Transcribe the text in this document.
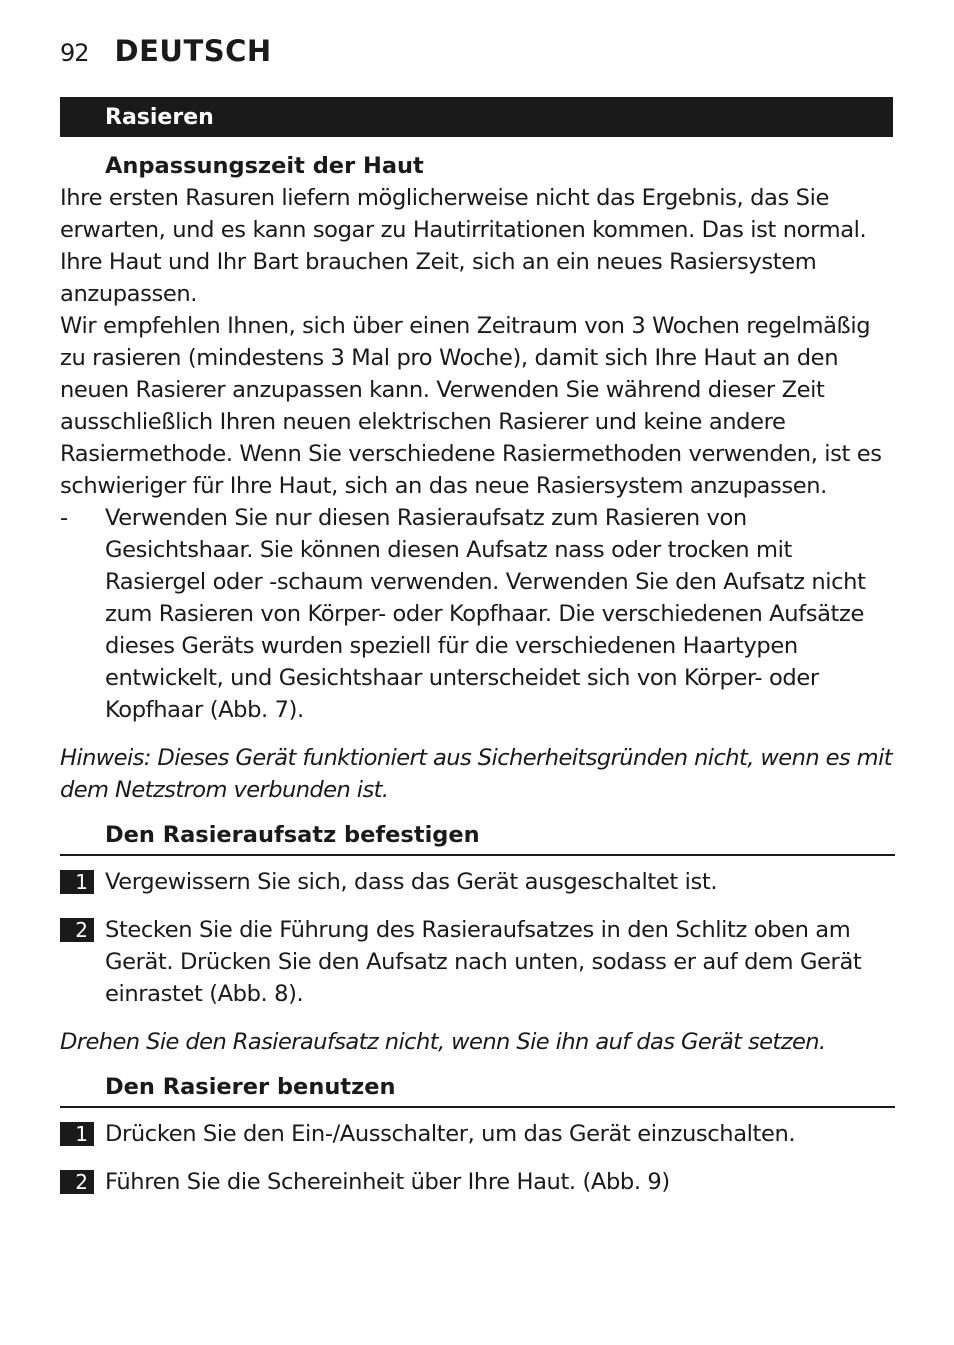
92 DEUTSCH
Rasieren

Anpassungszeit der Haut

Ihre ersten Rasuren liefern möglicherweise nicht das Ergebnis, das Sie erwarten, und es kann sogar zu Hautirritationen kommen. Das ist normal. Ihre Haut und Ihr Bart brauchen Zeit, sich an ein neues Rasiersystem anzupassen.

Wir empfehlen Ihnen, sich über einen Zeitraum von 3 Wochen regelmäßig zu rasieren (mindestens 3 Mal pro Woche), damit sich Ihre Haut an den neuen Rasierer anzupassen kann. Verwenden Sie während dieser Zeit ausschließlich Ihren neuen elektrischen Rasierer und keine andere Rasiermethode. Wenn Sie verschiedene Rasiermethoden verwenden, ist es schwieriger für Ihre Haut, sich an das neue Rasiersystem anzupassen.

-	Verwenden Sie nur diesen Rasieraufsatz zum Rasieren von Gesichtshaar. Sie können diesen Aufsatz nass oder trocken mit Rasiergel oder -schaum verwenden. Verwenden Sie den Aufsatz nicht zum Rasieren von Körper- oder Kopfhaar. Die verschiedenen Aufsätze dieses Geräts wurden speziell für die verschiedenen Haartypen entwickelt, und Gesichtshaar unterscheidet sich von Körper- oder Kopfhaar (Abb. 7).

Hinweis: Dieses Gerät funktioniert aus Sicherheitsgründen nicht, wenn es mit dem Netzstrom verbunden ist.

Den Rasieraufsatz befestigen

1 Vergewissern Sie sich, dass das Gerät ausgeschaltet ist.
2 Stecken Sie die Führung des Rasieraufsatzes in den Schlitz oben am Gerät. Drücken Sie den Aufsatz nach unten, sodass er auf dem Gerät einrastet (Abb. 8).

Drehen Sie den Rasieraufsatz nicht, wenn Sie ihn auf das Gerät setzen.

Den Rasierer benutzen

1 Drücken Sie den Ein-/Ausschalter, um das Gerät einzuschalten.
2 Führen Sie die Schereinheit über Ihre Haut. (Abb. 9)
